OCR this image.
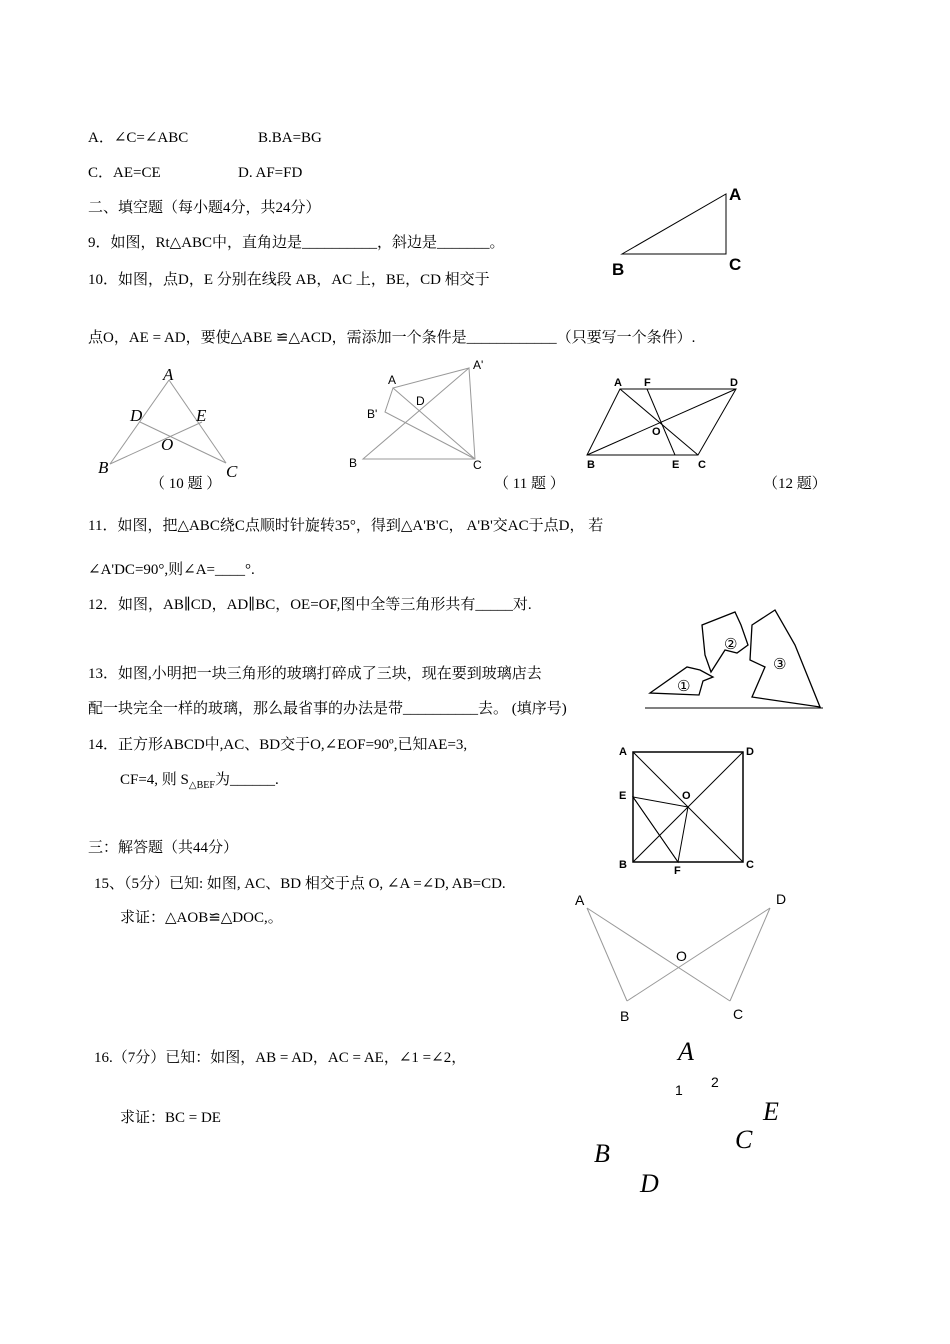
A．∠C=∠ABC	B.BA=BG
C．AE=CE	D. AF=FD
二、填空题（每小题4分，共24分）
9．如图，Rt△ABC中，直角边是__________，斜边是_______。
10．如图，点D，E 分别在线段 AB，AC 上，BE，CD 相交于
点O，AE = AD，要使△ABE ≌△ACD，需添加一个条件是____________（只要写一个条件）.
A
B	C
A
D	E
O
B	C
（ 10 题 ）
A
A'
D
B'
B	C
（ 11 题 ）
A F	D
O
B	E C
（12 题）
11．如图，把△ABC绕C点顺时针旋转35°，得到△A'B'C， A'B'交AC于点D， 若
∠A'DC=90°,则∠A=____°.
12．如图，AB∥CD，AD∥BC，OE=OF,图中全等三角形共有_____对.
①
②
③
13．如图,小明把一块三角形的玻璃打碎成了三块，现在要到玻璃店去
配一块完全一样的玻璃，那么最省事的办法是带__________去。 (填序号)
14．正方形ABCD中,AC、BD交于O,∠EOF=90º,已知AE=3,
CF=4, 则 $S_{\triangle BEF}$为______.
A	D
E	O
B	F	C
三：解答题（共44分）
15、（5分）已知: 如图, AC、BD 相交于点 O, ∠A =∠D, AB=CD.
求证：△AOB≌△DOC,。
A	D
O
B	C
16.（7分）已知：如图，AB = AD，AC = AE，∠1 =∠2，
求证：BC = DE
A
1 2
E
C
B
D
